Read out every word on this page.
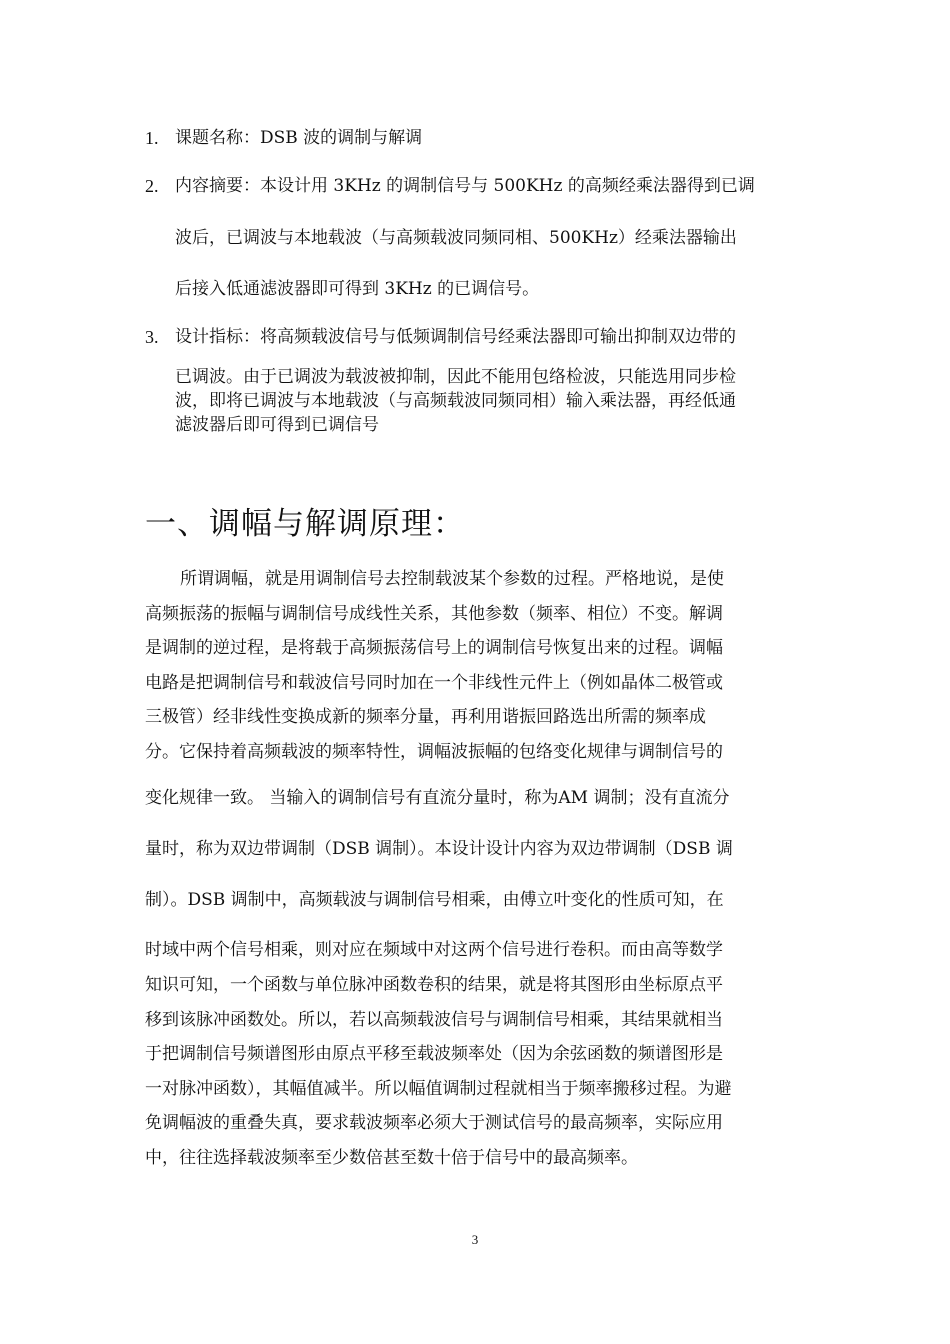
1. 课题名称：DSB 波的调制与解调
2. 内容摘要：本设计用 3KHz 的调制信号与 500KHz 的高频经乘法器得到已调
波后，已调波与本地载波（与高频载波同频同相、500KHz）经乘法器输出
后接入低通滤波器即可得到 3KHz 的已调信号。
3. 设计指标：将高频载波信号与低频调制信号经乘法器即可输出抑制双边带的
已调波。由于已调波为载波被抑制，因此不能用包络检波，只能选用同步检
波，即将已调波与本地载波（与高频载波同频同相）输入乘法器，再经低通
滤波器后即可得到已调信号
一、调幅与解调原理：
所谓调幅，就是用调制信号去控制载波某个参数的过程。严格地说，是使
高频振荡的振幅与调制信号成线性关系，其他参数（频率、相位）不变。解调
是调制的逆过程，是将载于高频振荡信号上的调制信号恢复出来的过程。调幅
电路是把调制信号和载波信号同时加在一个非线性元件上（例如晶体二极管或
三极管）经非线性变换成新的频率分量，再利用谐振回路选出所需的频率成
分。它保持着高频载波的频率特性，调幅波振幅的包络变化规律与调制信号的
变化规律一致。 当输入的调制信号有直流分量时，称为AM 调制；没有直流分
量时，称为双边带调制（DSB 调制）。本设计设计内容为双边带调制（DSB 调
制）。DSB 调制中，高频载波与调制信号相乘，由傅立叶变化的性质可知，在
时域中两个信号相乘，则对应在频域中对这两个信号进行卷积。而由高等数学
知识可知，一个函数与单位脉冲函数卷积的结果，就是将其图形由坐标原点平
移到该脉冲函数处。所以，若以高频载波信号与调制信号相乘，其结果就相当
于把调制信号频谱图形由原点平移至载波频率处（因为余弦函数的频谱图形是
一对脉冲函数），其幅值减半。所以幅值调制过程就相当于频率搬移过程。为避
免调幅波的重叠失真，要求载波频率必须大于测试信号的最高频率，实际应用
中，往往选择载波频率至少数倍甚至数十倍于信号中的最高频率。
3
